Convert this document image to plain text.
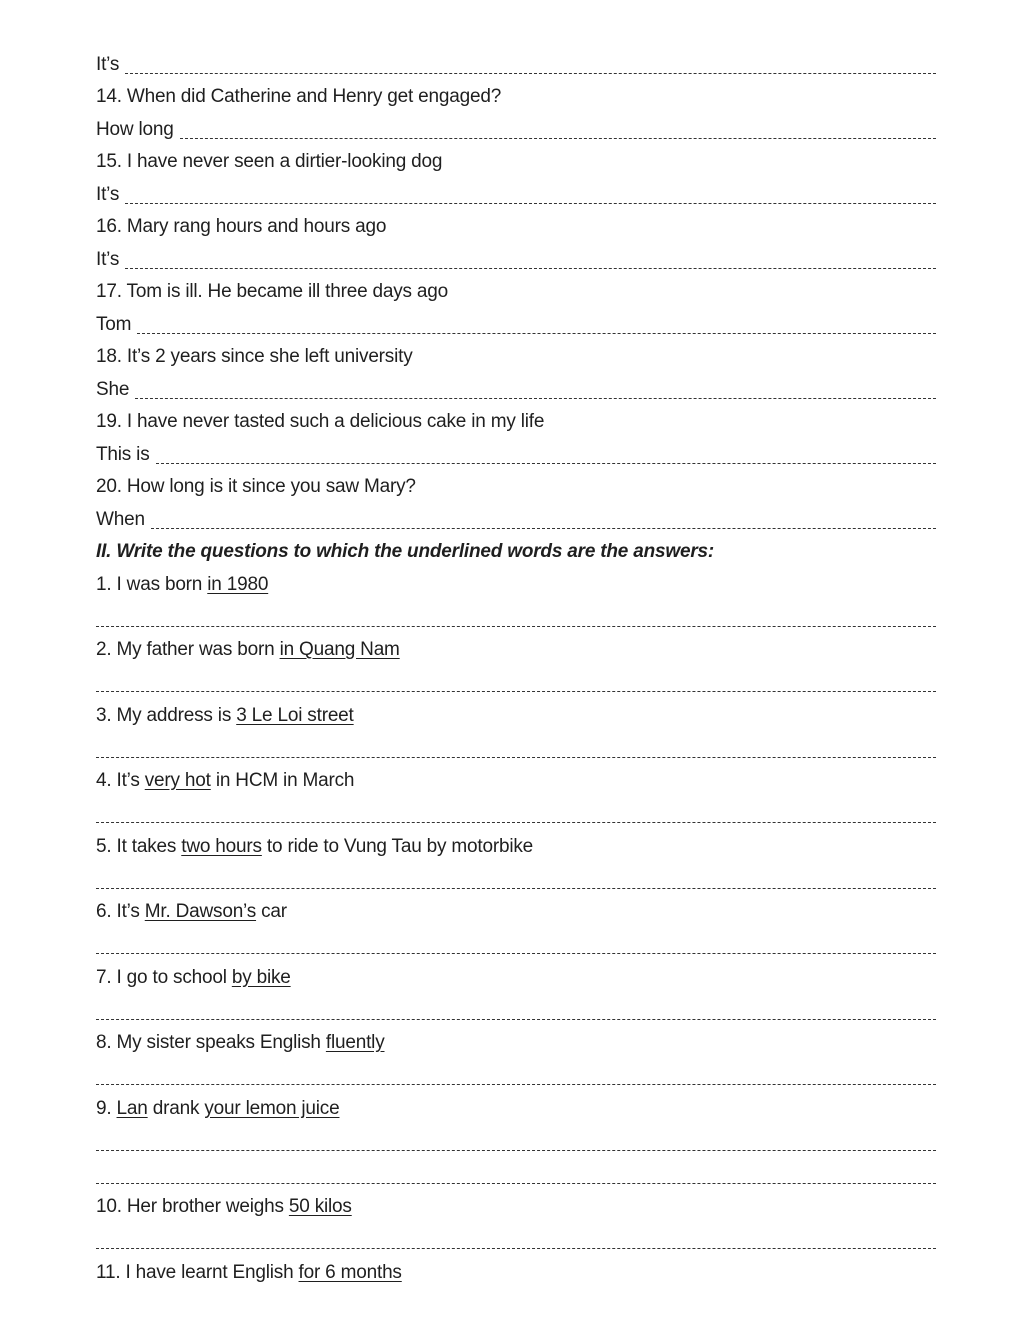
It’s
14. When did Catherine and Henry get engaged?
How long
15. I have never seen a dirtier-looking dog
It’s
16. Mary rang hours and hours ago
It’s
17. Tom is ill. He became ill three days ago
Tom
18. It’s 2 years since she left university
She
19. I have never tasted such a delicious cake in my life
This is
20. How long is it since you saw Mary?
When
II. Write the questions to which the underlined words are the answers:
1. I was born in 1980
2. My father was born in Quang Nam
3. My address is 3 Le Loi street
4. It’s very hot in HCM in March
5. It takes two hours to ride to Vung Tau by motorbike
6. It’s Mr. Dawson’s car
7. I go to school by bike
8. My sister speaks English fluently
9. Lan drank your lemon juice
10. Her brother weighs 50 kilos
11. I have learnt English for 6 months
